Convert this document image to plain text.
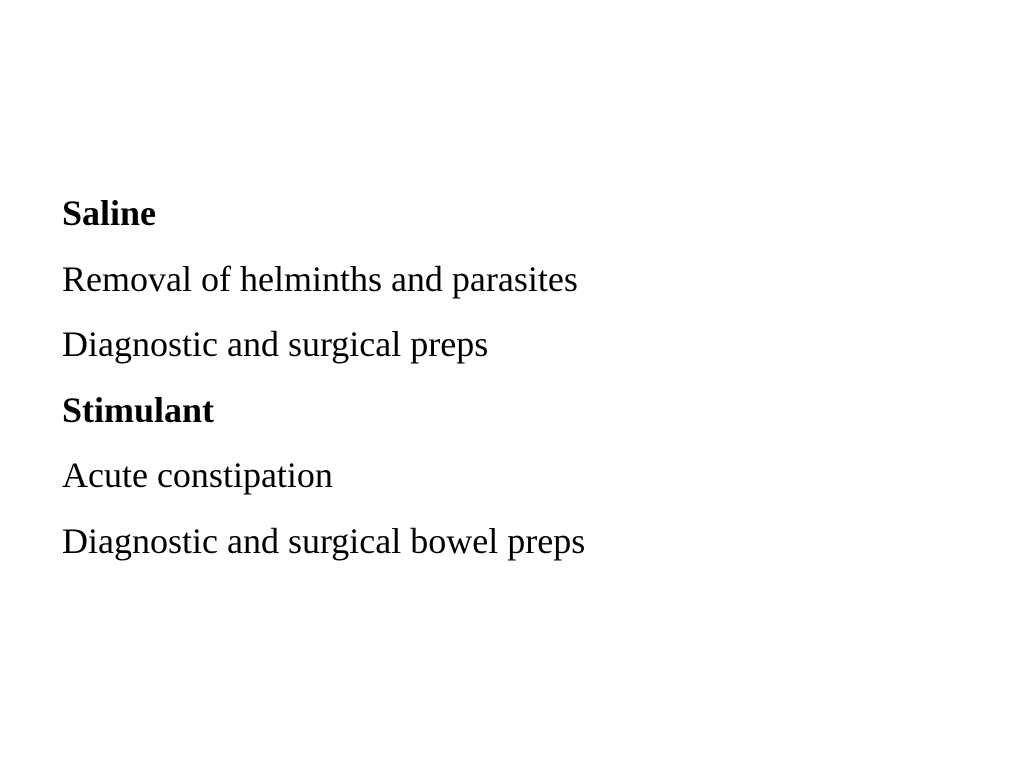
Saline
Removal of helminths and parasites
Diagnostic and surgical preps
Stimulant
Acute constipation
Diagnostic and surgical bowel preps
